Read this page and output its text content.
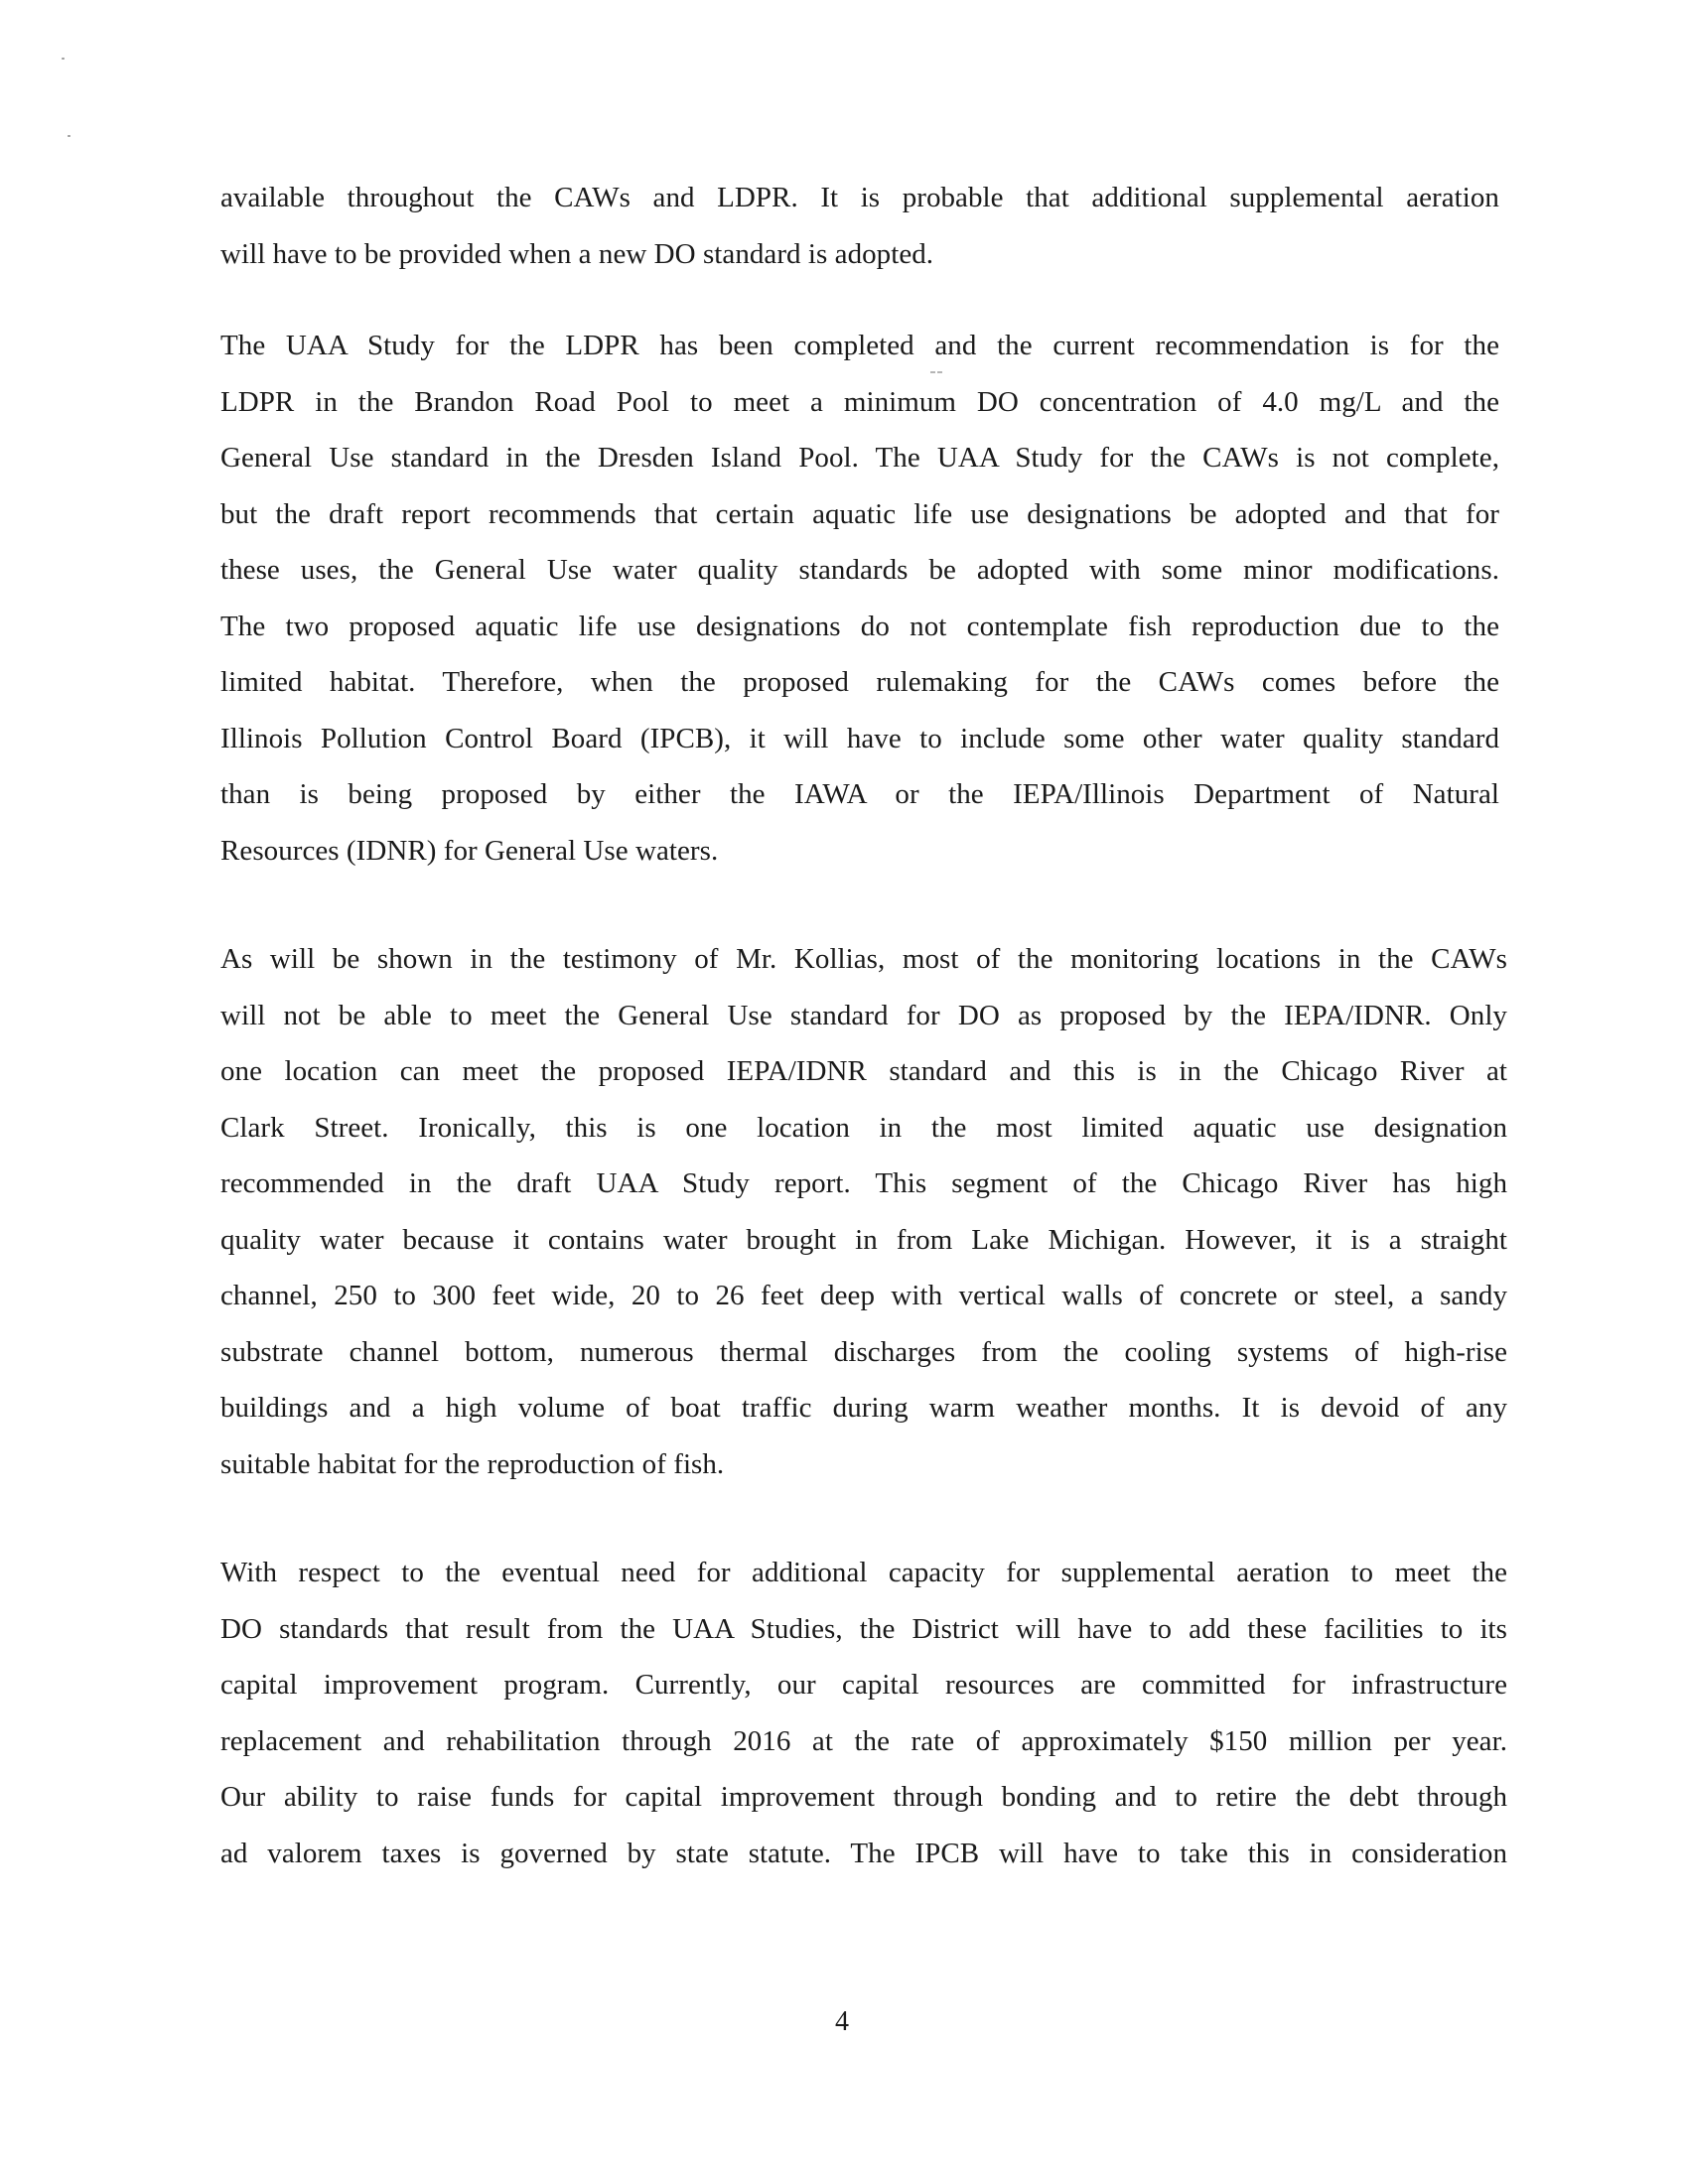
available throughout the CAWs and LDPR. It is probable that additional supplemental aeration
will have to be provided when a new DO standard is adopted.

The UAA Study for the LDPR has been completed and the current recommendation is for the
LDPR in the Brandon Road Pool to meet a minimum DO concentration of 4.0 mg/L and the
General Use standard in the Dresden Island Pool. The UAA Study for the CAWs is not complete,
but the draft report recommends that certain aquatic life use designations be adopted and that for
these uses, the General Use water quality standards be adopted with some minor modifications.
The two proposed aquatic life use designations do not contemplate fish reproduction due to the
limited habitat. Therefore, when the proposed rulemaking for the CAWs comes before the
Illinois Pollution Control Board (IPCB), it will have to include some other water quality standard
than is being proposed by either the IAWA or the IEPA/Illinois Department of Natural
Resources (IDNR) for General Use waters.

As will be shown in the testimony of Mr. Kollias, most of the monitoring locations in the CAWs
will not be able to meet the General Use standard for DO as proposed by the IEPA/IDNR. Only
one location can meet the proposed IEPA/IDNR standard and this is in the Chicago River at
Clark Street. Ironically, this is one location in the most limited aquatic use designation
recommended in the draft UAA Study report. This segment of the Chicago River has high
quality water because it contains water brought in from Lake Michigan. However, it is a straight
channel, 250 to 300 feet wide, 20 to 26 feet deep with vertical walls of concrete or steel, a sandy
substrate channel bottom, numerous thermal discharges from the cooling systems of high-rise
buildings and a high volume of boat traffic during warm weather months. It is devoid of any
suitable habitat for the reproduction of fish.

With respect to the eventual need for additional capacity for supplemental aeration to meet the
DO standards that result from the UAA Studies, the District will have to add these facilities to its
capital improvement program. Currently, our capital resources are committed for infrastructure
replacement and rehabilitation through 2016 at the rate of approximately $150 million per year.
Our ability to raise funds for capital improvement through bonding and to retire the debt through
ad valorem taxes is governed by state statute. The IPCB will have to take this in consideration

4
